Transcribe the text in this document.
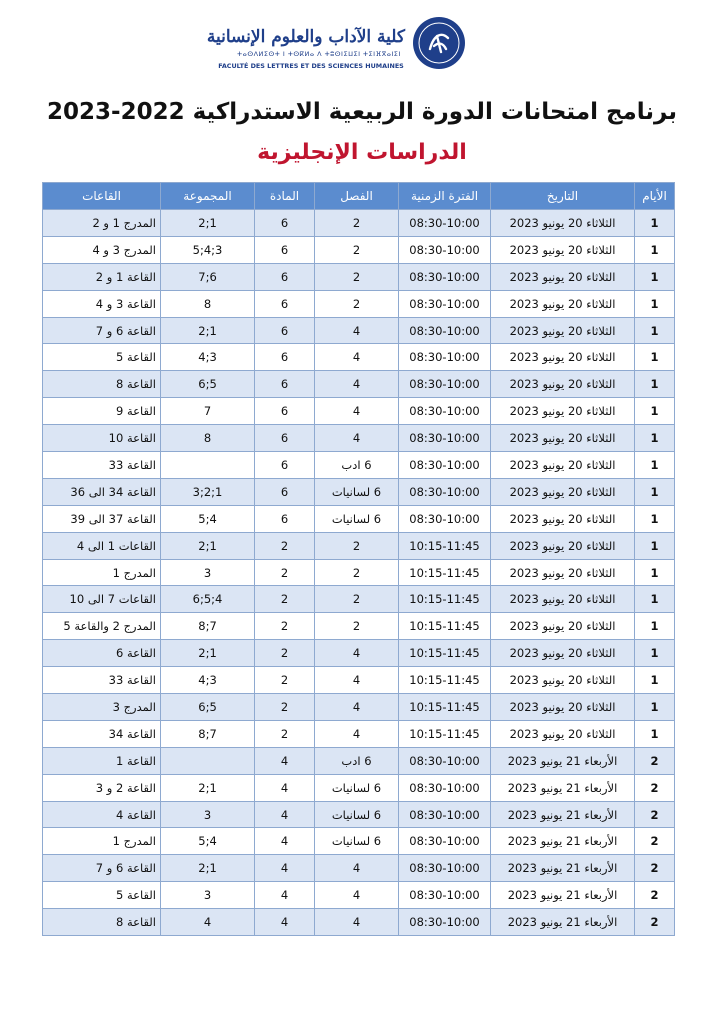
كلية الآداب والعلوم الإنسانية
ⵜⴰⵙⴷⵍⵉⵙⵜ ⵏ ⵜⵙⴽⵍⴰ ⴷ ⵜⵓⵙⵏⵉⵡⵉⵏ ⵜⵉⵏⴼⴳⴰⵏⵉⵏ
FACULTÉ DES LETTRES ET DES SCIENCES HUMAINES
برنامج امتحانات الدورة الربيعية الاستدراكية 2022-2023
الدراسات الإنجليزية
الأيام	التاريخ	الفترة الزمنية	الفصل	المادة	المجموعة	القاعات
1	الثلاثاء 20 يونيو 2023	08:30-10:00	2	6	1;2	المدرج 1 و 2
1	الثلاثاء 20 يونيو 2023	08:30-10:00	2	6	3;4;5	المدرج 3 و 4
1	الثلاثاء 20 يونيو 2023	08:30-10:00	2	6	6;7	القاعة 1 و 2
1	الثلاثاء 20 يونيو 2023	08:30-10:00	2	6	8	القاعة 3 و 4
1	الثلاثاء 20 يونيو 2023	08:30-10:00	4	6	1;2	القاعة 6 و 7
1	الثلاثاء 20 يونيو 2023	08:30-10:00	4	6	3;4	القاعة 5
1	الثلاثاء 20 يونيو 2023	08:30-10:00	4	6	5;6	القاعة 8
1	الثلاثاء 20 يونيو 2023	08:30-10:00	4	6	7	القاعة 9
1	الثلاثاء 20 يونيو 2023	08:30-10:00	4	6	8	القاعة 10
1	الثلاثاء 20 يونيو 2023	08:30-10:00	6 ادب	6		القاعة 33
1	الثلاثاء 20 يونيو 2023	08:30-10:00	6 لسانيات	6	1;2;3	القاعة 34 الى 36
1	الثلاثاء 20 يونيو 2023	08:30-10:00	6 لسانيات	6	4;5	القاعة 37 الى 39
1	الثلاثاء 20 يونيو 2023	10:15-11:45	2	2	1;2	القاعات 1 الى 4
1	الثلاثاء 20 يونيو 2023	10:15-11:45	2	2	3	المدرج 1
1	الثلاثاء 20 يونيو 2023	10:15-11:45	2	2	4;5;6	القاعات 7 الى 10
1	الثلاثاء 20 يونيو 2023	10:15-11:45	2	2	7;8	المدرج 2 والقاعة 5
1	الثلاثاء 20 يونيو 2023	10:15-11:45	4	2	1;2	القاعة 6
1	الثلاثاء 20 يونيو 2023	10:15-11:45	4	2	3;4	القاعة 33
1	الثلاثاء 20 يونيو 2023	10:15-11:45	4	2	5;6	المدرج 3
1	الثلاثاء 20 يونيو 2023	10:15-11:45	4	2	7;8	القاعة 34
2	الأربعاء 21 يونيو 2023	08:30-10:00	6 ادب	4		القاعة 1
2	الأربعاء 21 يونيو 2023	08:30-10:00	6 لسانيات	4	1;2	القاعة 2 و 3
2	الأربعاء 21 يونيو 2023	08:30-10:00	6 لسانيات	4	3	القاعة 4
2	الأربعاء 21 يونيو 2023	08:30-10:00	6 لسانيات	4	4;5	المدرج 1
2	الأربعاء 21 يونيو 2023	08:30-10:00	4	4	1;2	القاعة 6 و 7
2	الأربعاء 21 يونيو 2023	08:30-10:00	4	4	3	القاعة 5
2	الأربعاء 21 يونيو 2023	08:30-10:00	4	4	4	القاعة 8
